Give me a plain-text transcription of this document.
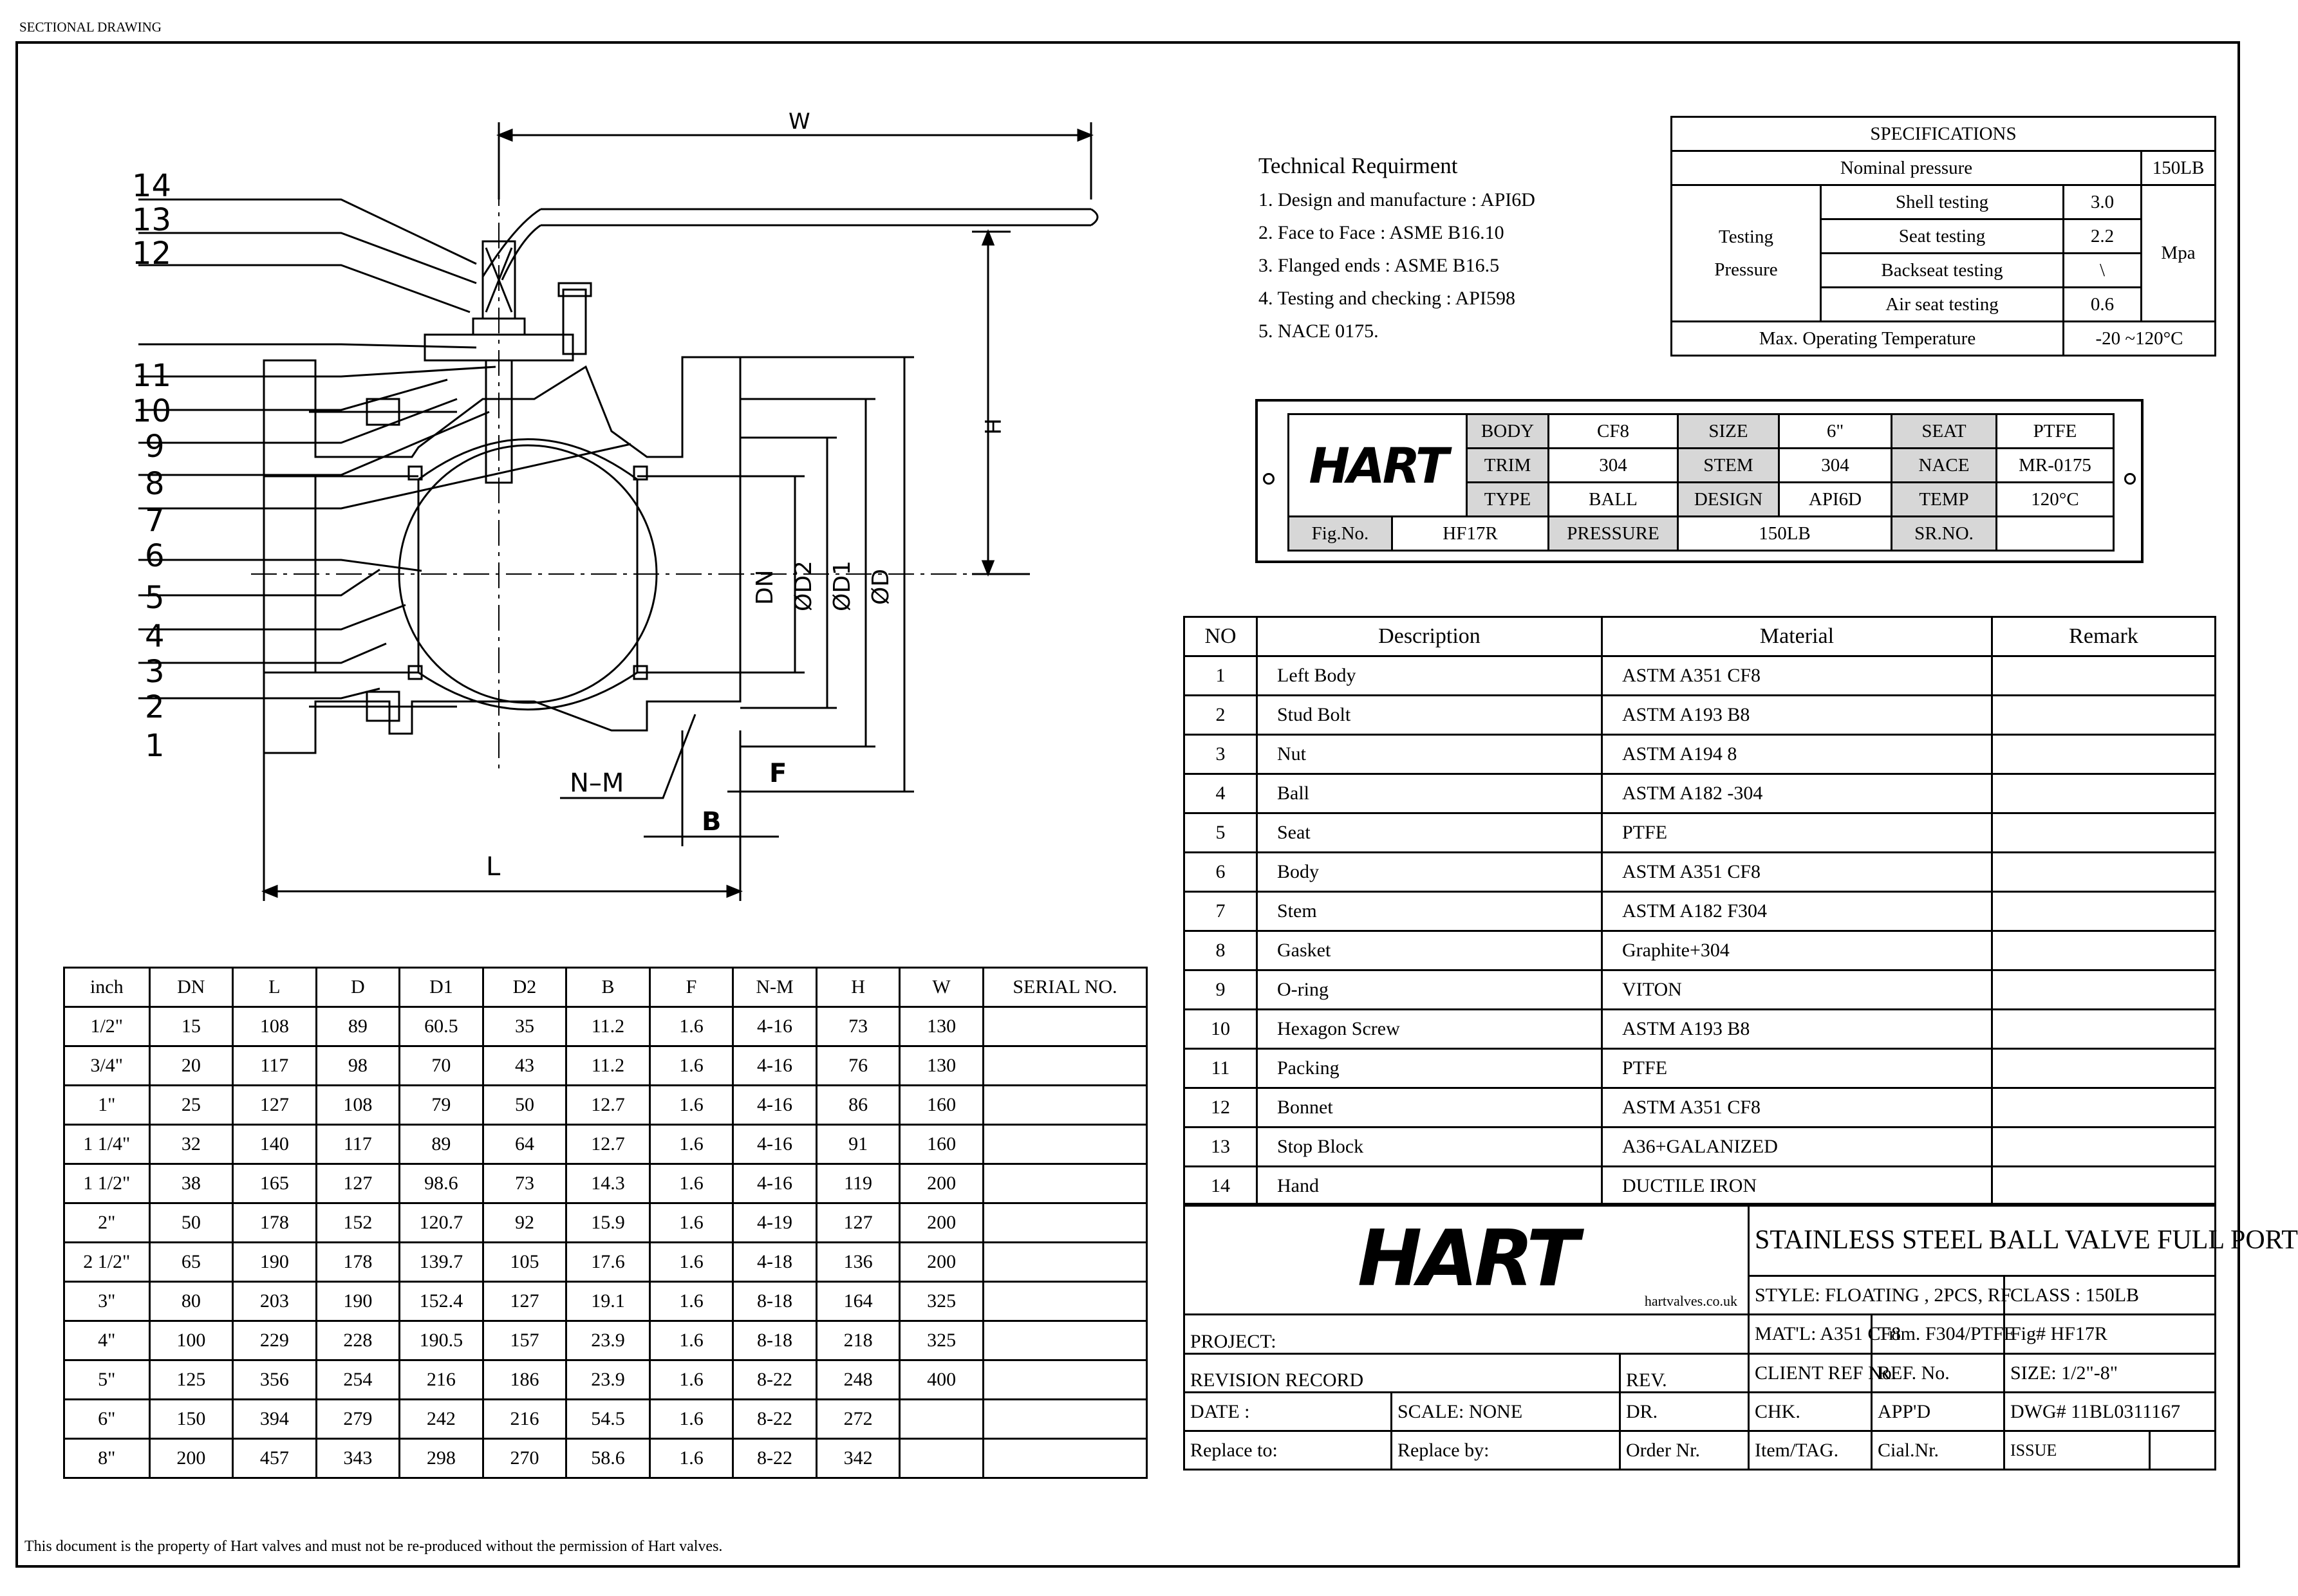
SECTIONAL DRAWING
14
13
12
11
10
9
8
7
6
5
4
3
2
1
W
H
L
N–M
B
F
DN ØD2 ØD1 ØD
Technical Requirment
1. Design and manufacture : API6D
2. Face to Face : ASME B16.10
3. Flanged ends : ASME B16.5
4. Testing and checking : API598
5. NACE 0175.
SPECIFICATIONS			
Nominal pressure			150LB

Testing
Pressure	Shell testing	3.0	Mpa
	Seat testing	2.2	
	Backseat testing	\	
	Air seat testing	0.6	
Max. Operating Temperature		-20 ~120°C	
HART		BODY	CF8	SIZE	6"	SEAT	PTFE
		TRIM	304	STEM	304	NACE	MR-0175
		TYPE	BALL	DESIGN	API6D	TEMP	120°C
Fig.No.	HF17R		PRESSURE	150LB		SR.NO.	
NO	Description	Material	Remark
1	Left Body	ASTM A351 CF8	
2	Stud Bolt	ASTM A193 B8	
3	Nut	ASTM A194 8	
4	Ball	ASTM A182 -304	
5	Seat	PTFE	
6	Body	ASTM A351 CF8	
7	Stem	ASTM A182 F304	
8	Gasket	Graphite+304	
9	O-ring	VITON	
10	Hexagon Screw	ASTM A193 B8	
11	Packing	PTFE	
12	Bonnet	ASTM A351 CF8	
13	Stop Block	A36+GALANIZED	
14	Hand	DUCTILE IRON	
HART hartvalves.co.uk			STAINLESS STEEL BALL VALVE FULL PORT			
			STYLE: FLOATING , 2PCS, RF		CLASS : 150LB	
PROJECT:			MAT'L: A351 CF8	Trim. F304/PTFE	Fig# HF17R	
REVISION RECORD		REV.	CLIENT REF No.	REF. No.	SIZE: 1/2"-8"	
DATE :	SCALE: NONE	DR.	CHK.	APP'D	DWG# 11BL0311167	
Replace to:	Replace by:	Order Nr.	Item/TAG.	Cial.Nr.	ISSUE	
inch	DN	L	D	D1	D2	B	F	N-M	H	W	SERIAL NO.
1/2"	15	108	89	60.5	35	11.2	1.6	4-16	73	130	
3/4"	20	117	98	70	43	11.2	1.6	4-16	76	130	
1"	25	127	108	79	50	12.7	1.6	4-16	86	160	
1 1/4"	32	140	117	89	64	12.7	1.6	4-16	91	160	
1 1/2"	38	165	127	98.6	73	14.3	1.6	4-16	119	200	
2"	50	178	152	120.7	92	15.9	1.6	4-19	127	200	
2 1/2"	65	190	178	139.7	105	17.6	1.6	4-18	136	200	
3"	80	203	190	152.4	127	19.1	1.6	8-18	164	325	
4"	100	229	228	190.5	157	23.9	1.6	8-18	218	325	
5"	125	356	254	216	186	23.9	1.6	8-22	248	400	
6"	150	394	279	242	216	54.5	1.6	8-22	272		
8"	200	457	343	298	270	58.6	1.6	8-22	342		
This document is the property of Hart valves and must not be re-produced without the permission of Hart valves.
